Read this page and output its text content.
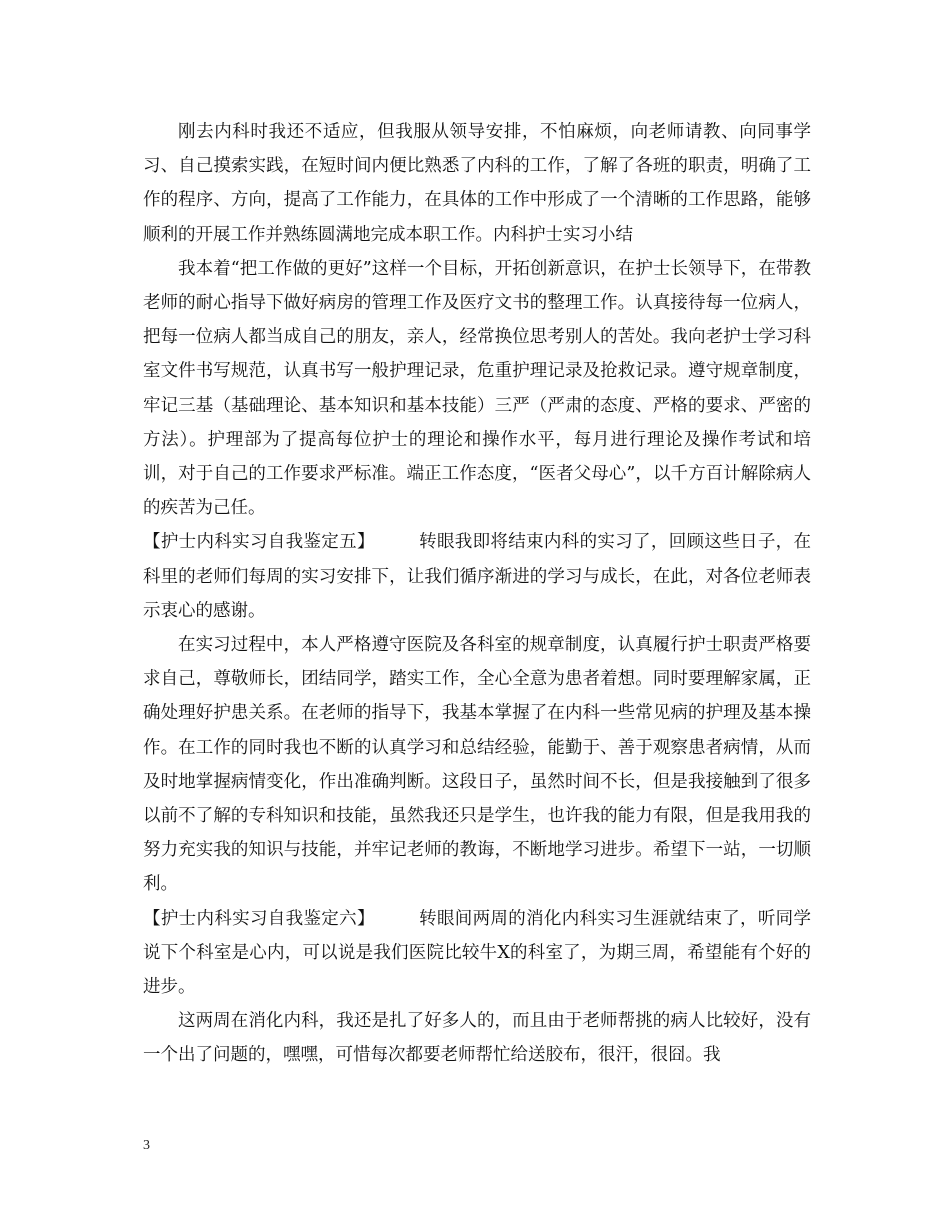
刚去内科时我还不适应，但我服从领导安排，不怕麻烦，向老师请教、向同事学习、自己摸索实践，在短时间内便比熟悉了内科的工作，了解了各班的职责，明确了工作的程序、方向，提高了工作能力，在具体的工作中形成了一个清晰的工作思路，能够顺利的开展工作并熟练圆满地完成本职工作。内科护士实习小结

我本着“把工作做的更好”这样一个目标，开拓创新意识，在护士长领导下，在带教老师的耐心指导下做好病房的管理工作及医疗文书的整理工作。认真接待每一位病人，把每一位病人都当成自己的朋友，亲人，经常换位思考别人的苦处。我向老护士学习科室文件书写规范，认真书写一般护理记录，危重护理记录及抢救记录。遵守规章制度，牢记三基（基础理论、基本知识和基本技能）三严（严肃的态度、严格的要求、严密的方法）。护理部为了提高每位护士的理论和操作水平，每月进行理论及操作考试和培训，对于自己的工作要求严标准。端正工作态度，“医者父母心”，以千方百计解除病人的疾苦为己任。

【护士内科实习自我鉴定五】	转眼我即将结束内科的实习了，回顾这些日子，在科里的老师们每周的实习安排下，让我们循序渐进的学习与成长，在此，对各位老师表示衷心的感谢。

在实习过程中，本人严格遵守医院及各科室的规章制度，认真履行护士职责严格要求自己，尊敬师长，团结同学，踏实工作，全心全意为患者着想。同时要理解家属，正确处理好护患关系。在老师的指导下，我基本掌握了在内科一些常见病的护理及基本操作。在工作的同时我也不断的认真学习和总结经验，能勤于、善于观察患者病情，从而及时地掌握病情变化，作出准确判断。这段日子，虽然时间不长，但是我接触到了很多以前不了解的专科知识和技能，虽然我还只是学生，也许我的能力有限，但是我用我的努力充实我的知识与技能，并牢记老师的教诲，不断地学习进步。希望下一站，一切顺利。

【护士内科实习自我鉴定六】	转眼间两周的消化内科实习生涯就结束了，听同学说下个科室是心内，可以说是我们医院比较牛X的科室了，为期三周，希望能有个好的进步。

这两周在消化内科，我还是扎了好多人的，而且由于老师帮挑的病人比较好，没有一个出了问题的，嘿嘿，可惜每次都要老师帮忙给送胶布，很汗，很囧。我

3
